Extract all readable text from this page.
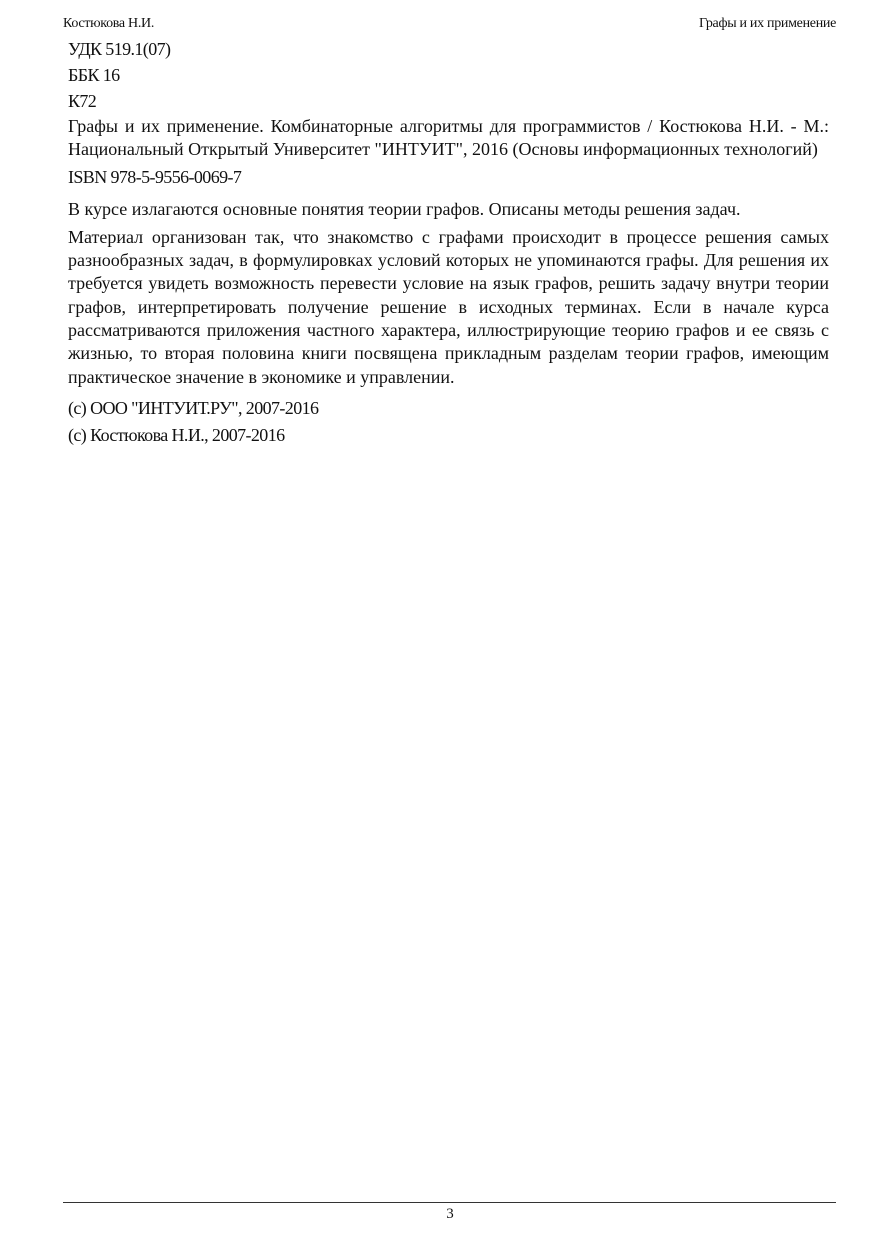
Костюкова Н.И.	Графы и их применение
УДК 519.1(07)
ББК 16
К72

Графы и их применение. Комбинаторные алгоритмы для программистов / Костюкова Н.И. - М.: Национальный Открытый Университет "ИНТУИТ", 2016 (Основы информационных технологий)

ISBN 978-5-9556-0069-7

В курсе излагаются основные понятия теории графов. Описаны методы решения задач.

Материал организован так, что знакомство с графами происходит в процессе решения самых разнообразных задач, в формулировках условий которых не упоминаются графы. Для решения их требуется увидеть возможность перевести условие на язык графов, решить задачу внутри теории графов, интерпретировать получение решение в исходных терминах. Если в начале курса рассматриваются приложения частного характера, иллюстрирующие теорию графов и ее связь с жизнью, то вторая половина книги посвящена прикладным разделам теории графов, имеющим практическое значение в экономике и управлении.

(c) ООО "ИНТУИТ.РУ", 2007-2016
(c) Костюкова Н.И., 2007-2016
3
